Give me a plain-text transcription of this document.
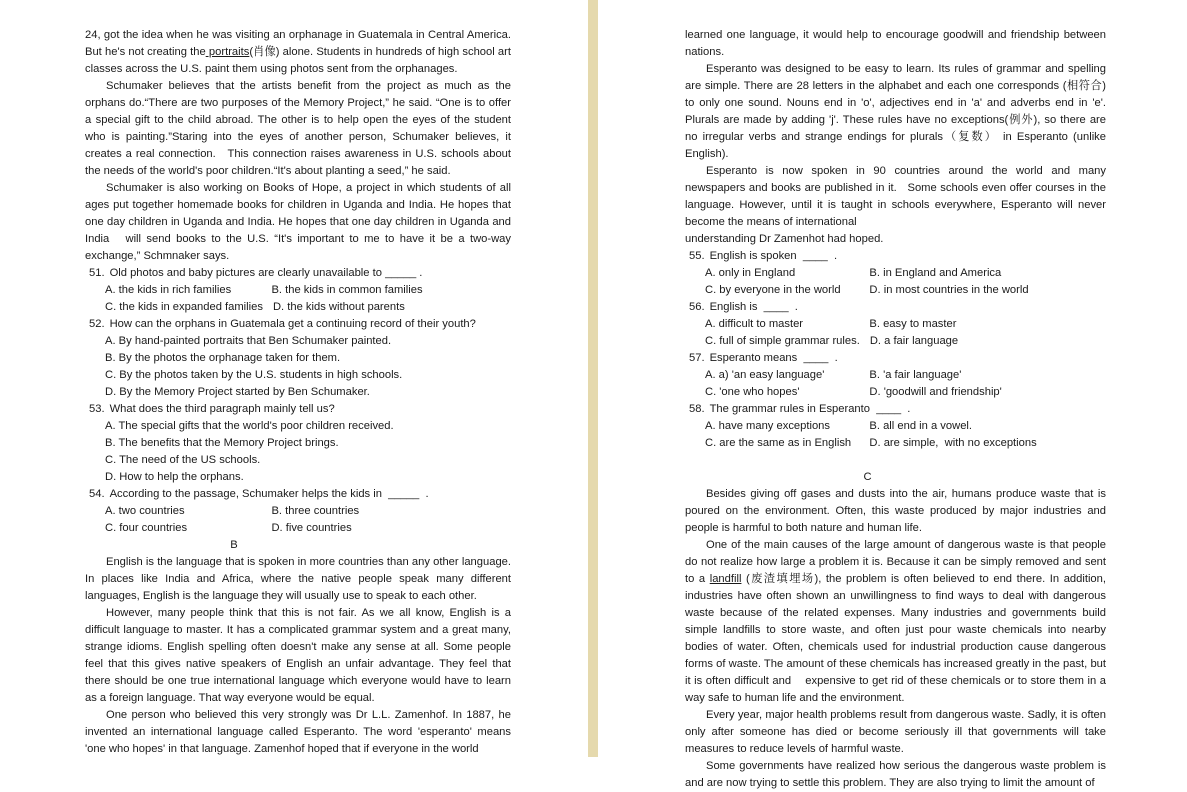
24, got the idea when he was visiting an orphanage in Guatemala in Central America. But he's not creating the portraits(肖像) alone. Students in hundreds of high school art classes across the U.S. paint them using photos sent from the orphanages.

Schumaker believes that the artists benefit from the project as much as the orphans do.“There are two purposes of the Memory Project,” he said. “One is to offer a special gift to the child abroad. The other is to help open the eyes of the student who is painting.”Staring into the eyes of another person, Schumaker believes, it creates a real connection.   This connection raises awareness in U.S. schools about the needs of the world's poor children.“It's about planting a seed,” he said.

Schumaker is also working on Books of Hope, a project in which students of all ages put together homemade books for children in Uganda and India. He hopes that one day children in Uganda and India. He hopes that one day children in Uganda and India   will send books to the U.S. “It's important to me to have it be a two-way exchange,” Schmnaker says.

51. Old photos and baby pictures are clearly unavailable to _____ .
A. the kids in rich families	B. the kids in common families
C. the kids in expanded families D. the kids without parents
52. How can the orphans in Guatemala get a continuing record of their youth?
A. By hand-painted portraits that Ben Schumaker painted.
B. By the photos the orphanage taken for them.
C. By the photos taken by the U.S. students in high schools.
D. By the Memory Project started by Ben Schumaker.
53. What does the third paragraph mainly tell us?
A. The special gifts that the world's poor children received.
B. The benefits that the Memory Project brings.
C. The need of the US schools.
D. How to help the orphans.
54. According to the passage, Schumaker helps the kids in  _____  .
A. two countries	B. three countries
C. four countries	D. five countries
B

English is the language that is spoken in more countries than any other language. In places like India and Africa, where the native people speak many different languages, English is the language they will usually use to speak to each other.

However, many people think that this is not fair. As we all know, English is a difficult language to master. It has a complicated grammar system and a great many, strange idioms. English spelling often doesn't make any sense at all. Some people feel that this gives native speakers of English an unfair advantage. They feel that there should be one true international language which everyone would have to learn as a foreign language. That way everyone would be equal.

One person who believed this very strongly was Dr L.L. Zamenhof. In 1887, he invented an international language called Esperanto. The word 'esperanto' means 'one who hopes' in that language. Zamenhof hoped that if everyone in the world

learned one language, it would help to encourage goodwill and friendship between nations.

Esperanto was designed to be easy to learn. Its rules of grammar and spelling are simple. There are 28 letters in the alphabet and each one corresponds (相符合) to only one sound. Nouns end in 'o', adjectives end in 'a' and adverbs end in 'e'. Plurals are made by adding 'j'. These rules have no exceptions(例外), so there are no irregular verbs and strange endings for plurals（复数） in Esperanto (unlike English).

Esperanto is now spoken in 90 countries around the world and many newspapers and books are published in it.   Some schools even offer courses in the language. However, until it is taught in schools everywhere, Esperanto will never become the means of international

understanding Dr Zamenhot had hoped.

55. English is spoken  ____  .
A. only in England	B. in England and America
C. by everyone in the world	D. in most countries in the world
56. English is  ____  .
A. difficult to master	B. easy to master
C. full of simple grammar rules. D. a fair language
57. Esperanto means  ____  .
A. a) 'an easy language'	B. 'a fair language'
C. 'one who hopes'	D. 'goodwill and friendship'
58. The grammar rules in Esperanto  ____  .
A. have many exceptions	B. all end in a vowel.
C. are the same as in English	D. are simple,  with no exceptions
C

Besides giving off gases and dusts into the air, humans produce waste that is poured on the environment. Often, this waste produced by major industries and people is harmful to both nature and human life.

One of the main causes of the large amount of dangerous waste is that people do not realize how large a problem it is. Because it can be simply removed and sent to a landfill (废渣填埋场), the problem is often believed to end there. In addition, industries have often shown an unwillingness to find ways to deal with dangerous waste because of the related expenses. Many industries and governments build simple landfills to store waste, and often just pour waste chemicals into nearby bodies of water. Often, chemicals used for industrial production cause dangerous forms of waste. The amount of these chemicals has increased greatly in the past, but it is often difficult and    expensive to get rid of these chemicals or to store them in a way safe to human life and the environment.

Every year, major health problems result from dangerous waste. Sadly, it is often only after someone has died or become seriously ill that governments will take measures to reduce levels of harmful waste.

Some governments have realized how serious the dangerous waste problem is and are now trying to settle this problem. They are also trying to limit the amount of
